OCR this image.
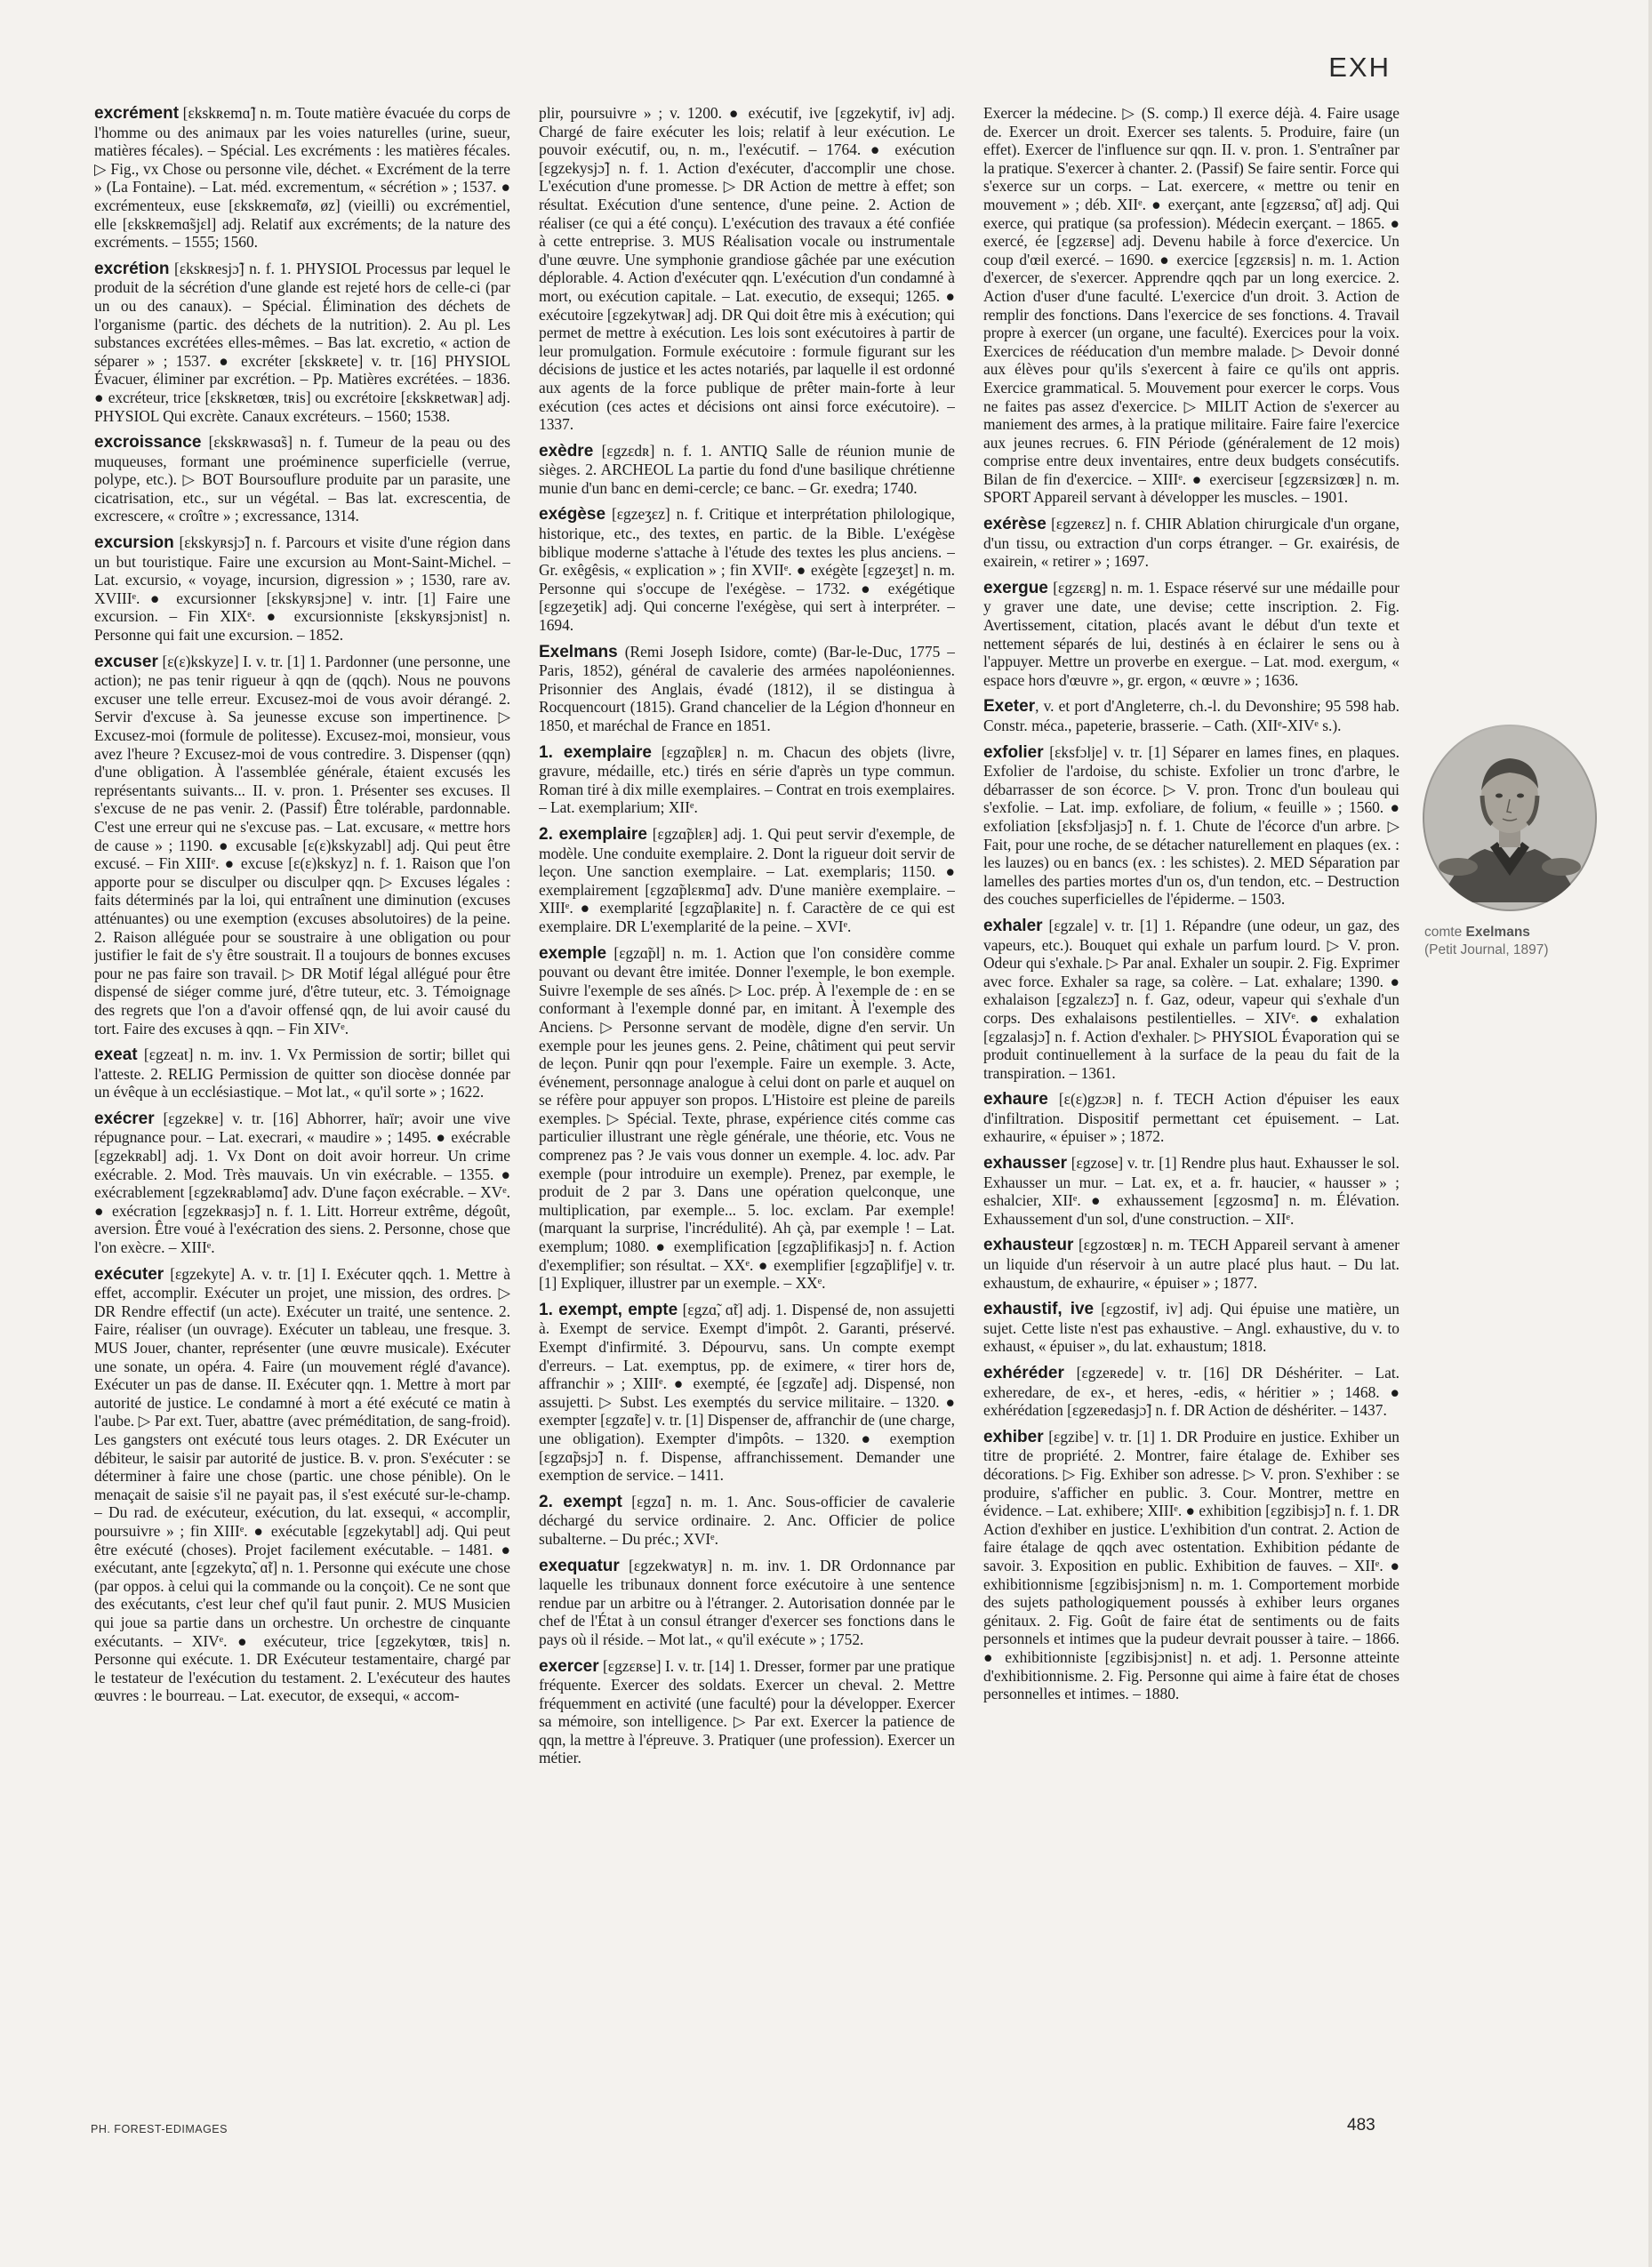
EXH

excrément [ɛkskʀemɑ̃] n. m. Toute matière évacuée du corps de l'homme ou des animaux par les voies naturelles (urine, sueur, matières fécales). – Spécial. Les excréments : les matières fécales. ▷ Fig., vx Chose ou personne vile, déchet. « Excrément de la terre » (La Fontaine). – Lat. méd. excrementum, « sécrétion » ; 1537. ● excrémenteux, euse [ɛkskʀemɑ̃tø, øz] (vieilli) ou excrémentiel, elle [ɛkskʀemɑ̃sjɛl] adj. Relatif aux excréments; de la nature des excréments. – 1555; 1560.

excrétion [ɛkskʀesjɔ̃] n. f. 1. PHYSIOL Processus par lequel le produit de la sécrétion d'une glande est rejeté hors de celle-ci (par un ou des canaux). – Spécial. Élimination des déchets de l'organisme (partic. des déchets de la nutrition). 2. Au pl. Les substances excrétées elles-mêmes. – Bas lat. excretio, « action de séparer » ; 1537. ● excréter [ɛkskʀete] v. tr. [16] PHYSIOL Évacuer, éliminer par excrétion. – Pp. Matières excrétées. – 1836. ● excréteur, trice [ɛkskʀetœʀ, tʀis] ou excrétoire [ɛkskʀetwaʀ] adj. PHYSIOL Qui excrète. Canaux excréteurs. – 1560; 1538.

excroissance [ɛkskʀwasɑ̃s] n. f. Tumeur de la peau ou des muqueuses, formant une proéminence superficielle (verrue, polype, etc.). ▷ BOT Boursouflure produite par un parasite, une cicatrisation, etc., sur un végétal. – Bas lat. excrescentia, de excrescere, « croître » ; excressance, 1314.

excursion [ɛkskyʀsjɔ̃] n. f. Parcours et visite d'une région dans un but touristique. Faire une excursion au Mont-Saint-Michel. – Lat. excursio, « voyage, incursion, digression » ; 1530, rare av. XVIIIᵉ. ● excursionner [ɛkskyʀsjɔne] v. intr. [1] Faire une excursion. – Fin XIXᵉ. ● excursionniste [ɛkskyʀsjɔnist] n. Personne qui fait une excursion. – 1852.

excuser [ɛ(ɛ)kskyze] I. v. tr. [1] 1. Pardonner (une personne, une action); ne pas tenir rigueur à qqn de (qqch). Nous ne pouvons excuser une telle erreur. Excusez-moi de vous avoir dérangé. 2. Servir d'excuse à. Sa jeunesse excuse son impertinence. ▷ Excusez-moi (formule de politesse). Excusez-moi, monsieur, vous avez l'heure ? Excusez-moi de vous contredire. 3. Dispenser (qqn) d'une obligation. À l'assemblée générale, étaient excusés les représentants suivants... II. v. pron. 1. Présenter ses excuses. Il s'excuse de ne pas venir. 2. (Passif) Être tolérable, pardonnable. C'est une erreur qui ne s'excuse pas. – Lat. excusare, « mettre hors de cause » ; 1190. ● excusable [ɛ(ɛ)kskyzabl] adj. Qui peut être excusé. – Fin XIIIᵉ. ● excuse [ɛ(ɛ)kskyz] n. f. 1. Raison que l'on apporte pour se disculper ou disculper qqn. ▷ Excuses légales : faits déterminés par la loi, qui entraînent une diminution (excuses atténuantes) ou une exemption (excuses absolutoires) de la peine. 2. Raison alléguée pour se soustraire à une obligation ou pour justifier le fait de s'y être soustrait. Il a toujours de bonnes excuses pour ne pas faire son travail. ▷ DR Motif légal allégué pour être dispensé de siéger comme juré, d'être tuteur, etc. 3. Témoignage des regrets que l'on a d'avoir offensé qqn, de lui avoir causé du tort. Faire des excuses à qqn. – Fin XIVᵉ.

exeat [ɛgzeat] n. m. inv. 1. Vx Permission de sortir; billet qui l'atteste. 2. RELIG Permission de quitter son diocèse donnée par un évêque à un ecclésiastique. – Mot lat., « qu'il sorte » ; 1622.

exécrer [ɛgzekʀe] v. tr. [16] Abhorrer, haïr; avoir une vive répugnance pour. – Lat. execrari, « maudire » ; 1495. ● exécrable [ɛgzekʀabl] adj. 1. Vx Dont on doit avoir horreur. Un crime exécrable. 2. Mod. Très mauvais. Un vin exécrable. – 1355. ● exécrablement [ɛgzekʀabləmɑ̃] adv. D'une façon exécrable. – XVᵉ. ● exécration [ɛgzekʀasjɔ̃] n. f. 1. Litt. Horreur extrême, dégoût, aversion. Être voué à l'exécration des siens. 2. Personne, chose que l'on exècre. – XIIIᵉ.

exécuter [ɛgzekyte] A. v. tr. [1] I. Exécuter qqch. 1. Mettre à effet, accomplir. Exécuter un projet, une mission, des ordres. ▷ DR Rendre effectif (un acte). Exécuter un traité, une sentence. 2. Faire, réaliser (un ouvrage). Exécuter un tableau, une fresque. 3. MUS Jouer, chanter, représenter (une œuvre musicale). Exécuter une sonate, un opéra. 4. Faire (un mouvement réglé d'avance). Exécuter un pas de danse. II. Exécuter qqn. 1. Mettre à mort par autorité de justice. Le condamné à mort a été exécuté ce matin à l'aube. ▷ Par ext. Tuer, abattre (avec préméditation, de sang-froid). Les gangsters ont exécuté tous leurs otages. 2. DR Exécuter un débiteur, le saisir par autorité de justice. B. v. pron. S'exécuter : se déterminer à faire une chose (partic. une chose pénible). On le menaçait de saisie s'il ne payait pas, il s'est exécuté sur-le-champ. – Du rad. de exécuteur, exécution, du lat. exsequi, « accomplir, poursuivre » ; fin XIIIᵉ. ● exécutable [ɛgzekytabl] adj. Qui peut être exécuté (choses). Projet facilement exécutable. – 1481. ● exécutant, ante [ɛgzekytɑ̃, ɑ̃t] n. 1. Personne qui exécute une chose (par oppos. à celui qui la commande ou la conçoit). Ce ne sont que des exécutants, c'est leur chef qu'il faut punir. 2. MUS Musicien qui joue sa partie dans un orchestre. Un orchestre de cinquante exécutants. – XIVᵉ. ● exécuteur, trice [ɛgzekytœʀ, tʀis] n. Personne qui exécute. 1. DR Exécuteur testamentaire, chargé par le testateur de l'exécution du testament. 2. L'exécuteur des hautes œuvres : le bourreau. – Lat. executor, de exsequi, « accom-

plir, poursuivre » ; v. 1200. ● exécutif, ive [ɛgzekytif, iv] adj. Chargé de faire exécuter les lois; relatif à leur exécution. Le pouvoir exécutif, ou, n. m., l'exécutif. – 1764. ● exécution [ɛgzekysjɔ̃] n. f. 1. Action d'exécuter, d'accomplir une chose. L'exécution d'une promesse. ▷ DR Action de mettre à effet; son résultat. Exécution d'une sentence, d'une peine. 2. Action de réaliser (ce qui a été conçu). L'exécution des travaux a été confiée à cette entreprise. 3. MUS Réalisation vocale ou instrumentale d'une œuvre. Une symphonie grandiose gâchée par une exécution déplorable. 4. Action d'exécuter qqn. L'exécution d'un condamné à mort, ou exécution capitale. – Lat. executio, de exsequi; 1265. ● exécutoire [ɛgzekytwaʀ] adj. DR Qui doit être mis à exécution; qui permet de mettre à exécution. Les lois sont exécutoires à partir de leur promulgation. Formule exécutoire : formule figurant sur les décisions de justice et les actes notariés, par laquelle il est ordonné aux agents de la force publique de prêter main-forte à leur exécution (ces actes et décisions ont ainsi force exécutoire). – 1337.

exèdre [ɛgzɛdʀ] n. f. 1. ANTIQ Salle de réunion munie de sièges. 2. ARCHEOL La partie du fond d'une basilique chrétienne munie d'un banc en demi-cercle; ce banc. – Gr. exedra; 1740.

exégèse [ɛgzeʒɛz] n. f. Critique et interprétation philologique, historique, etc., des textes, en partic. de la Bible. L'exégèse biblique moderne s'attache à l'étude des textes les plus anciens. – Gr. exêgêsis, « explication » ; fin XVIIᵉ. ● exégète [ɛgzeʒɛt] n. m. Personne qui s'occupe de l'exégèse. – 1732. ● exégétique [ɛgzeʒetik] adj. Qui concerne l'exégèse, qui sert à interpréter. – 1694.

Exelmans (Remi Joseph Isidore, comte) (Bar-le-Duc, 1775 – Paris, 1852), général de cavalerie des armées napoléoniennes. Prisonnier des Anglais, évadé (1812), il se distingua à Rocquencourt (1815). Grand chancelier de la Légion d'honneur en 1850, et maréchal de France en 1851.

1. exemplaire [ɛgzɑ̃plɛʀ] n. m. Chacun des objets (livre, gravure, médaille, etc.) tirés en série d'après un type commun. Roman tiré à dix mille exemplaires. – Contrat en trois exemplaires. – Lat. exemplarium; XIIᵉ.

2. exemplaire [ɛgzɑ̃plɛʀ] adj. 1. Qui peut servir d'exemple, de modèle. Une conduite exemplaire. 2. Dont la rigueur doit servir de leçon. Une sanction exemplaire. – Lat. exemplaris; 1150. ● exemplairement [ɛgzɑ̃plɛʀmɑ̃] adv. D'une manière exemplaire. – XIIIᵉ. ● exemplarité [ɛgzɑ̃plaʀite] n. f. Caractère de ce qui est exemplaire. DR L'exemplarité de la peine. – XVIᵉ.

exemple [ɛgzɑ̃pl] n. m. 1. Action que l'on considère comme pouvant ou devant être imitée. Donner l'exemple, le bon exemple. Suivre l'exemple de ses aînés. ▷ Loc. prép. À l'exemple de : en se conformant à l'exemple donné par, en imitant. À l'exemple des Anciens. ▷ Personne servant de modèle, digne d'en servir. Un exemple pour les jeunes gens. 2. Peine, châtiment qui peut servir de leçon. Punir qqn pour l'exemple. Faire un exemple. 3. Acte, événement, personnage analogue à celui dont on parle et auquel on se réfère pour appuyer son propos. L'Histoire est pleine de pareils exemples. ▷ Spécial. Texte, phrase, expérience cités comme cas particulier illustrant une règle générale, une théorie, etc. Vous ne comprenez pas ? Je vais vous donner un exemple. 4. loc. adv. Par exemple (pour introduire un exemple). Prenez, par exemple, le produit de 2 par 3. Dans une opération quelconque, une multiplication, par exemple... 5. loc. exclam. Par exemple! (marquant la surprise, l'incrédulité). Ah çà, par exemple ! – Lat. exemplum; 1080. ● exemplification [ɛgzɑ̃plifikasjɔ̃] n. f. Action d'exemplifier; son résultat. – XXᵉ. ● exemplifier [ɛgzɑ̃plifje] v. tr. [1] Expliquer, illustrer par un exemple. – XXᵉ.

1. exempt, empte [ɛgzɑ̃, ɑ̃t] adj. 1. Dispensé de, non assujetti à. Exempt de service. Exempt d'impôt. 2. Garanti, préservé. Exempt d'infirmité. 3. Dépourvu, sans. Un compte exempt d'erreurs. – Lat. exemptus, pp. de eximere, « tirer hors de, affranchir » ; XIIIᵉ. ● exempté, ée [ɛgzɑ̃te] adj. Dispensé, non assujetti. ▷ Subst. Les exemptés du service militaire. – 1320. ● exempter [ɛgzɑ̃te] v. tr. [1] Dispenser de, affranchir de (une charge, une obligation). Exempter d'impôts. – 1320. ● exemption [ɛgzɑ̃psjɔ̃] n. f. Dispense, affranchissement. Demander une exemption de service. – 1411.

2. exempt [ɛgzɑ̃] n. m. 1. Anc. Sous-officier de cavalerie déchargé du service ordinaire. 2. Anc. Officier de police subalterne. – Du préc.; XVIᵉ.

exequatur [ɛgzekwatyʀ] n. m. inv. 1. DR Ordonnance par laquelle les tribunaux donnent force exécutoire à une sentence rendue par un arbitre ou à l'étranger. 2. Autorisation donnée par le chef de l'État à un consul étranger d'exercer ses fonctions dans le pays où il réside. – Mot lat., « qu'il exécute » ; 1752.

exercer [ɛgzɛʀse] I. v. tr. [14] 1. Dresser, former par une pratique fréquente. Exercer des soldats. Exercer un cheval. 2. Mettre fréquemment en activité (une faculté) pour la développer. Exercer sa mémoire, son intelligence. ▷ Par ext. Exercer la patience de qqn, la mettre à l'épreuve. 3. Pratiquer (une profession). Exercer un métier.

Exercer la médecine. ▷ (S. comp.) Il exerce déjà. 4. Faire usage de. Exercer un droit. Exercer ses talents. 5. Produire, faire (un effet). Exercer de l'influence sur qqn. II. v. pron. 1. S'entraîner par la pratique. S'exercer à chanter. 2. (Passif) Se faire sentir. Force qui s'exerce sur un corps. – Lat. exercere, « mettre ou tenir en mouvement » ; déb. XIIᵉ. ● exerçant, ante [ɛgzɛʀsɑ̃, ɑ̃t] adj. Qui exerce, qui pratique (sa profession). Médecin exerçant. – 1865. ● exercé, ée [ɛgzɛʀse] adj. Devenu habile à force d'exercice. Un coup d'œil exercé. – 1690. ● exercice [ɛgzɛʀsis] n. m. 1. Action d'exercer, de s'exercer. Apprendre qqch par un long exercice. 2. Action d'user d'une faculté. L'exercice d'un droit. 3. Action de remplir des fonctions. Dans l'exercice de ses fonctions. 4. Travail propre à exercer (un organe, une faculté). Exercices pour la voix. Exercices de rééducation d'un membre malade. ▷ Devoir donné aux élèves pour qu'ils s'exercent à faire ce qu'ils ont appris. Exercice grammatical. 5. Mouvement pour exercer le corps. Vous ne faites pas assez d'exercice. ▷ MILIT Action de s'exercer au maniement des armes, à la pratique militaire. Faire faire l'exercice aux jeunes recrues. 6. FIN Période (généralement de 12 mois) comprise entre deux inventaires, entre deux budgets consécutifs. Bilan de fin d'exercice. – XIIIᵉ. ● exerciseur [ɛgzɛʀsizœʀ] n. m. SPORT Appareil servant à développer les muscles. – 1901.

exérèse [ɛgzeʀɛz] n. f. CHIR Ablation chirurgicale d'un organe, d'un tissu, ou extraction d'un corps étranger. – Gr. exairésis, de exairein, « retirer » ; 1697.

exergue [ɛgzɛʀg] n. m. 1. Espace réservé sur une médaille pour y graver une date, une devise; cette inscription. 2. Fig. Avertissement, citation, placés avant le début d'un texte et nettement séparés de lui, destinés à en éclairer le sens ou à l'appuyer. Mettre un proverbe en exergue. – Lat. mod. exergum, « espace hors d'œuvre », gr. ergon, « œuvre » ; 1636.

Exeter, v. et port d'Angleterre, ch.-l. du Devonshire; 95 598 hab. Constr. méca., papeterie, brasserie. – Cath. (XIIᵉ-XIVᵉ s.).

exfolier [ɛksfɔlje] v. tr. [1] Séparer en lames fines, en plaques. Exfolier de l'ardoise, du schiste. Exfolier un tronc d'arbre, le débarrasser de son écorce. ▷ V. pron. Tronc d'un bouleau qui s'exfolie. – Lat. imp. exfoliare, de folium, « feuille » ; 1560. ● exfoliation [ɛksfɔljasjɔ̃] n. f. 1. Chute de l'écorce d'un arbre. ▷ Fait, pour une roche, de se détacher naturellement en plaques (ex. : les lauzes) ou en bancs (ex. : les schistes). 2. MED Séparation par lamelles des parties mortes d'un os, d'un tendon, etc. – Destruction des couches superficielles de l'épiderme. – 1503.

exhaler [ɛgzale] v. tr. [1] 1. Répandre (une odeur, un gaz, des vapeurs, etc.). Bouquet qui exhale un parfum lourd. ▷ V. pron. Odeur qui s'exhale. ▷ Par anal. Exhaler un soupir. 2. Fig. Exprimer avec force. Exhaler sa rage, sa colère. – Lat. exhalare; 1390. ● exhalaison [ɛgzalɛzɔ̃] n. f. Gaz, odeur, vapeur qui s'exhale d'un corps. Des exhalaisons pestilentielles. – XIVᵉ. ● exhalation [ɛgzalasjɔ̃] n. f. Action d'exhaler. ▷ PHYSIOL Évaporation qui se produit continuellement à la surface de la peau du fait de la transpiration. – 1361.

exhaure [ɛ(ɛ)gzɔʀ] n. f. TECH Action d'épuiser les eaux d'infiltration. Dispositif permettant cet épuisement. – Lat. exhaurire, « épuiser » ; 1872.

exhausser [ɛgzose] v. tr. [1] Rendre plus haut. Exhausser le sol. Exhausser un mur. – Lat. ex, et a. fr. haucier, « hausser » ; eshalcier, XIIᵉ. ● exhaussement [ɛgzosmɑ̃] n. m. Élévation. Exhaussement d'un sol, d'une construction. – XIIᵉ.

exhausteur [ɛgzostœʀ] n. m. TECH Appareil servant à amener un liquide d'un réservoir à un autre placé plus haut. – Du lat. exhaustum, de exhaurire, « épuiser » ; 1877.

exhaustif, ive [ɛgzostif, iv] adj. Qui épuise une matière, un sujet. Cette liste n'est pas exhaustive. – Angl. exhaustive, du v. to exhaust, « épuiser », du lat. exhaustum; 1818.

exhéréder [ɛgzeʀede] v. tr. [16] DR Déshériter. – Lat. exheredare, de ex-, et heres, -edis, « héritier » ; 1468. ● exhérédation [ɛgzeʀedasjɔ̃] n. f. DR Action de déshériter. – 1437.

exhiber [ɛgzibe] v. tr. [1] 1. DR Produire en justice. Exhiber un titre de propriété. 2. Montrer, faire étalage de. Exhiber ses décorations. ▷ Fig. Exhiber son adresse. ▷ V. pron. S'exhiber : se produire, s'afficher en public. 3. Cour. Montrer, mettre en évidence. – Lat. exhibere; XIIIᵉ. ● exhibition [ɛgzibisjɔ̃] n. f. 1. DR Action d'exhiber en justice. L'exhibition d'un contrat. 2. Action de faire étalage de qqch avec ostentation. Exhibition pédante de savoir. 3. Exposition en public. Exhibition de fauves. – XIIᵉ. ● exhibitionnisme [ɛgzibisjɔnism] n. m. 1. Comportement morbide des sujets pathologiquement poussés à exhiber leurs organes génitaux. 2. Fig. Goût de faire état de sentiments ou de faits personnels et intimes que la pudeur devrait pousser à taire. – 1866. ● exhibitionniste [ɛgzibisjɔnist] n. et adj. 1. Personne atteinte d'exhibitionnisme. 2. Fig. Personne qui aime à faire état de choses personnelles et intimes. – 1880.

comte Exelmans
(Petit Journal, 1897)
PH. FOREST-EDIMAGES	483
